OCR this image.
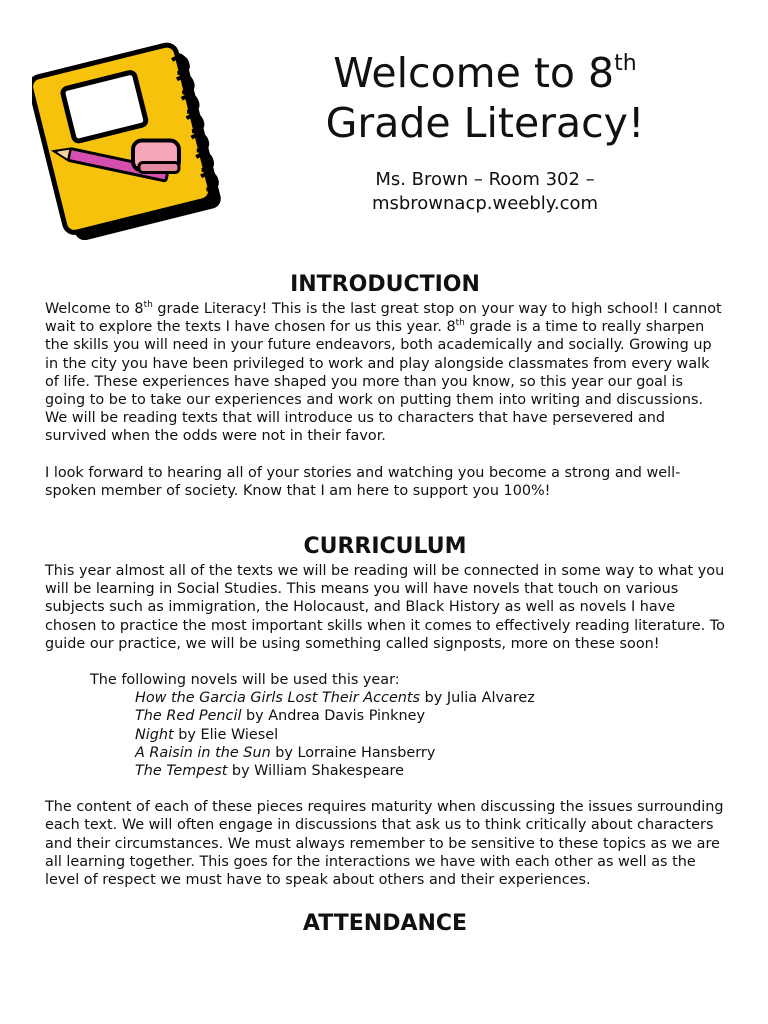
Welcome to 8th
Grade Literacy!
Ms. Brown – Room 302 –
msbrownacp.weebly.com
INTRODUCTION

Welcome to 8th grade Literacy! This is the last great stop on your way to high school! I cannot wait to explore the texts I have chosen for us this year. 8th grade is a time to really sharpen the skills you will need in your future endeavors, both academically and socially. Growing up in the city you have been privileged to work and play alongside classmates from every walk of life. These experiences have shaped you more than you know, so this year our goal is going to be to take our experiences and work on putting them into writing and discussions. We will be reading texts that will introduce us to characters that have persevered and survived when the odds were not in their favor.

I look forward to hearing all of your stories and watching you become a strong and well-spoken member of society. Know that I am here to support you 100%!

CURRICULUM

This year almost all of the texts we will be reading will be connected in some way to what you will be learning in Social Studies. This means you will have novels that touch on various subjects such as immigration, the Holocaust, and Black History as well as novels I have chosen to practice the most important skills when it comes to effectively reading literature. To guide our practice, we will be using something called signposts, more on these soon!

The following novels will be used this year:

How the Garcia Girls Lost Their Accents by Julia Alvarez
The Red Pencil by Andrea Davis Pinkney
Night by Elie Wiesel
A Raisin in the Sun by Lorraine Hansberry
The Tempest by William Shakespeare

The content of each of these pieces requires maturity when discussing the issues surrounding each text. We will often engage in discussions that ask us to think critically about characters and their circumstances. We must always remember to be sensitive to these topics as we are all learning together. This goes for the interactions we have with each other as well as the level of respect we must have to speak about others and their experiences.

ATTENDANCE
